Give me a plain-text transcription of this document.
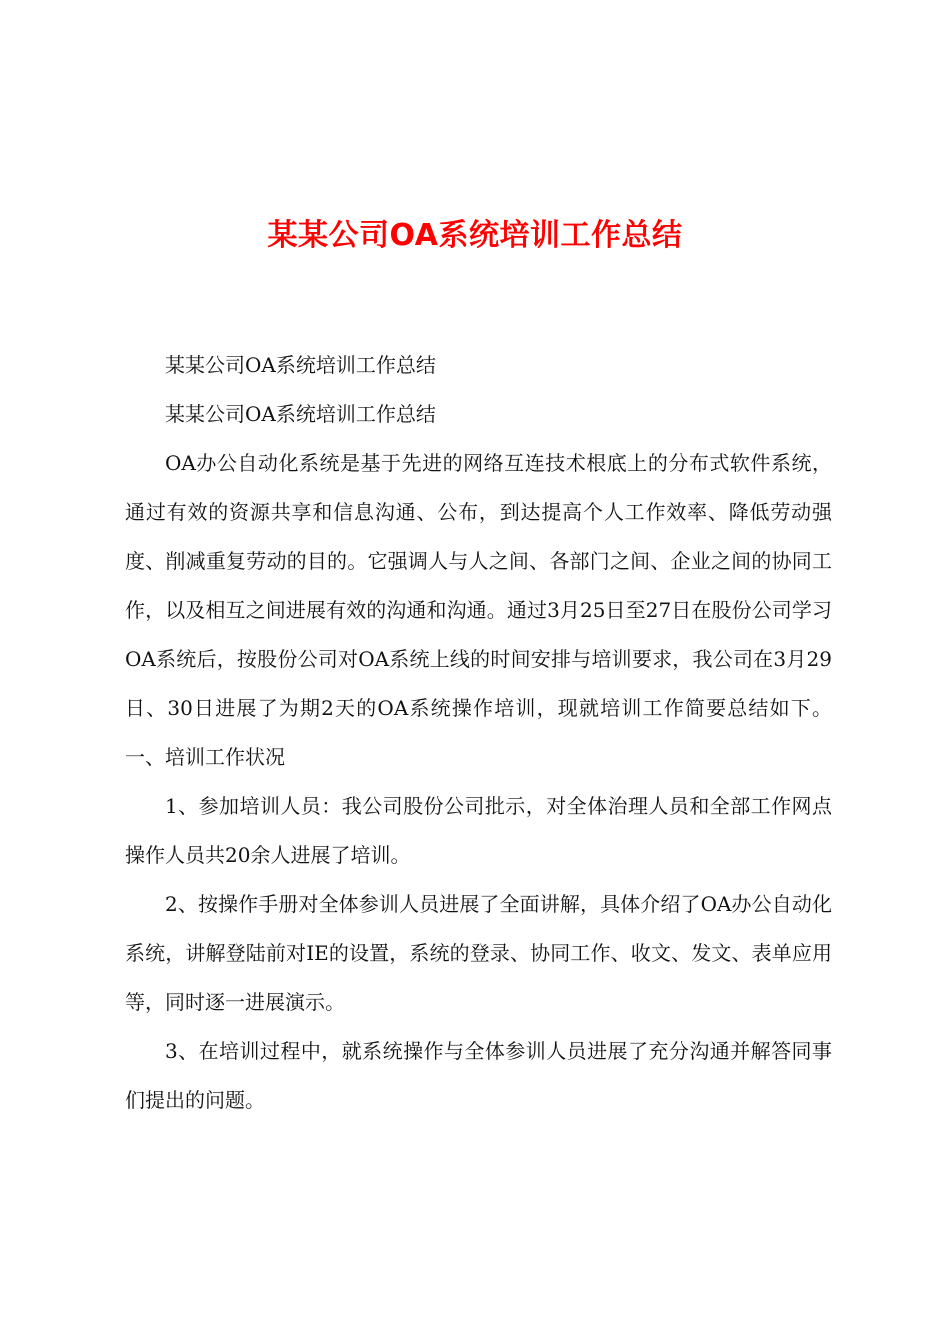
某某公司OA系统培训工作总结

某某公司OA系统培训工作总结

某某公司OA系统培训工作总结

OA办公自动化系统是基于先进的网络互连技术根底上的分布式软件系统，通过有效的资源共享和信息沟通、公布，到达提高个人工作效率、降低劳动强度、削减重复劳动的目的。它强调人与人之间、各部门之间、企业之间的协同工作，以及相互之间进展有效的沟通和沟通。通过3月25日至27日在股份公司学习OA系统后，按股份公司对OA系统上线的时间安排与培训要求，我公司在3月29日、30日进展了为期2天的OA系统操作培训，现就培训工作简要总结如下。一、培训工作状况

1、参加培训人员：我公司股份公司批示，对全体治理人员和全部工作网点操作人员共20余人进展了培训。

2、按操作手册对全体参训人员进展了全面讲解，具体介绍了OA办公自动化系统，讲解登陆前对IE的设置，系统的登录、协同工作、收文、发文、表单应用等，同时逐一进展演示。

3、在培训过程中，就系统操作与全体参训人员进展了充分沟通并解答同事们提出的问题。
